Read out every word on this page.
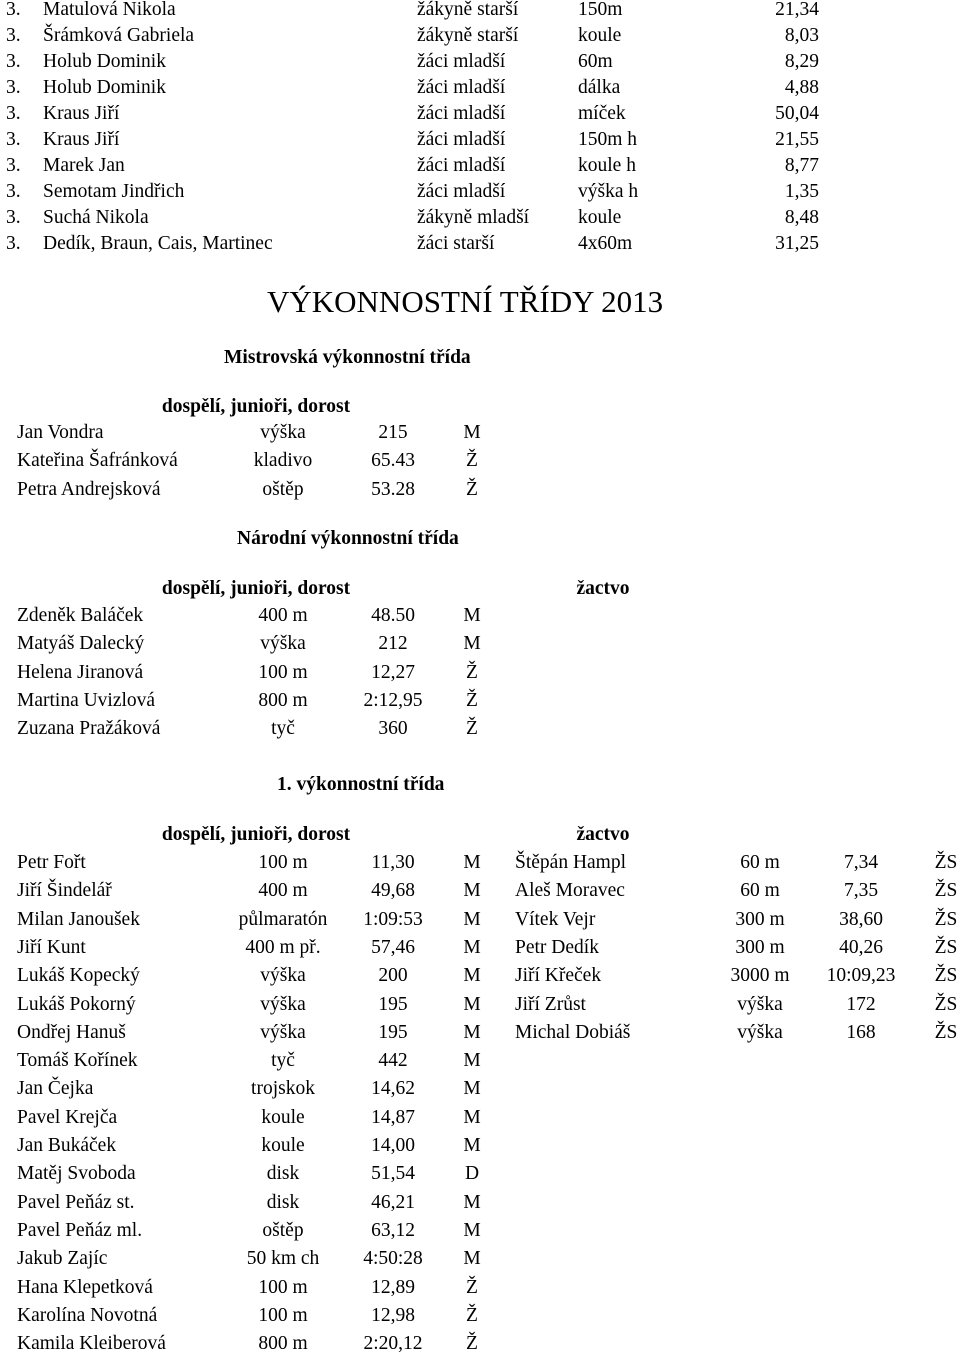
3. Matulová Nikola	žákyně starší	150m	21,34
3. Šrámková Gabriela	žákyně starší	koule	8,03
3. Holub Dominik	žáci mladší	60m	8,29
3. Holub Dominik	žáci mladší	dálka	4,88
3. Kraus Jiří	žáci mladší	míček	50,04
3. Kraus Jiří	žáci mladší	150m h	21,55
3. Marek Jan	žáci mladší	koule h	8,77
3. Semotam Jindřich	žáci mladší	výška h	1,35
3. Suchá Nikola	žákyně mladší	koule	8,48
3. Dedík, Braun, Cais, Martinec	žáci starší	4x60m	31,25
Jan Vondra	výška	215	M
Kateřina Šafránková	kladivo	65.43	Ž
Petra Andrejsková	oštěp	53.28	Ž
Zdeněk Baláček	400 m	48.50 M
Matyáš Dalecký	výška	212	M
Helena Jiranová	100 m	12,27	Ž
Martina Uvizlová	800 m	2:12,95 Ž
Zuzana Pražáková	tyč	360	Ž
Petr Fořt	100 m	11,30	M
Jiří Šindelář	400 m	49,68 M
Milan Janoušek	půlmaratón 1:09:53 M
Jiří Kunt	400 m př.	57,46 M
Lukáš Kopecký	výška	200	M
Lukáš Pokorný	výška	195	M
Ondřej Hanuš	výška	195	M
Tomáš Kořínek	tyč	442	M
Jan Čejka	trojskok	14,62 M
Pavel Krejča	koule	14,87 M
Jan Bukáček	koule	14,00 M
Matěj Svoboda	disk	51,54	D
Pavel Peňáz st.	disk	46,21 M
Pavel Peňáz ml.	oštěp	63,12 M
Jakub Zajíc	50 km ch 4:50:28 M
Hana Klepetková	100 m	12,89	Ž
Karolína Novotná	100 m	12,98	Ž
Kamila Kleiberová	800 m	2:20,12 Ž
Štěpán Hampl	60 m	7,34	ŽS
Aleš Moravec	60 m	7,35	ŽS
Vítek Vejr	300 m	38,60	ŽS
Petr Dedík	300 m	40,26	ŽS
Jiří Křeček	3000 m 10:09,23 ŽS
Jiří Zrůst	výška	172	ŽS
Michal Dobiáš	výška	168	ŽS
VÝKONNOSTNÍ TŘÍDY 2013
Mistrovská výkonnostní třída
dospělí, junioři, dorost
Národní výkonnostní třída
dospělí, junioři, dorost	žactvo
1. výkonnostní třída
dospělí, junioři, dorost	žactvo
